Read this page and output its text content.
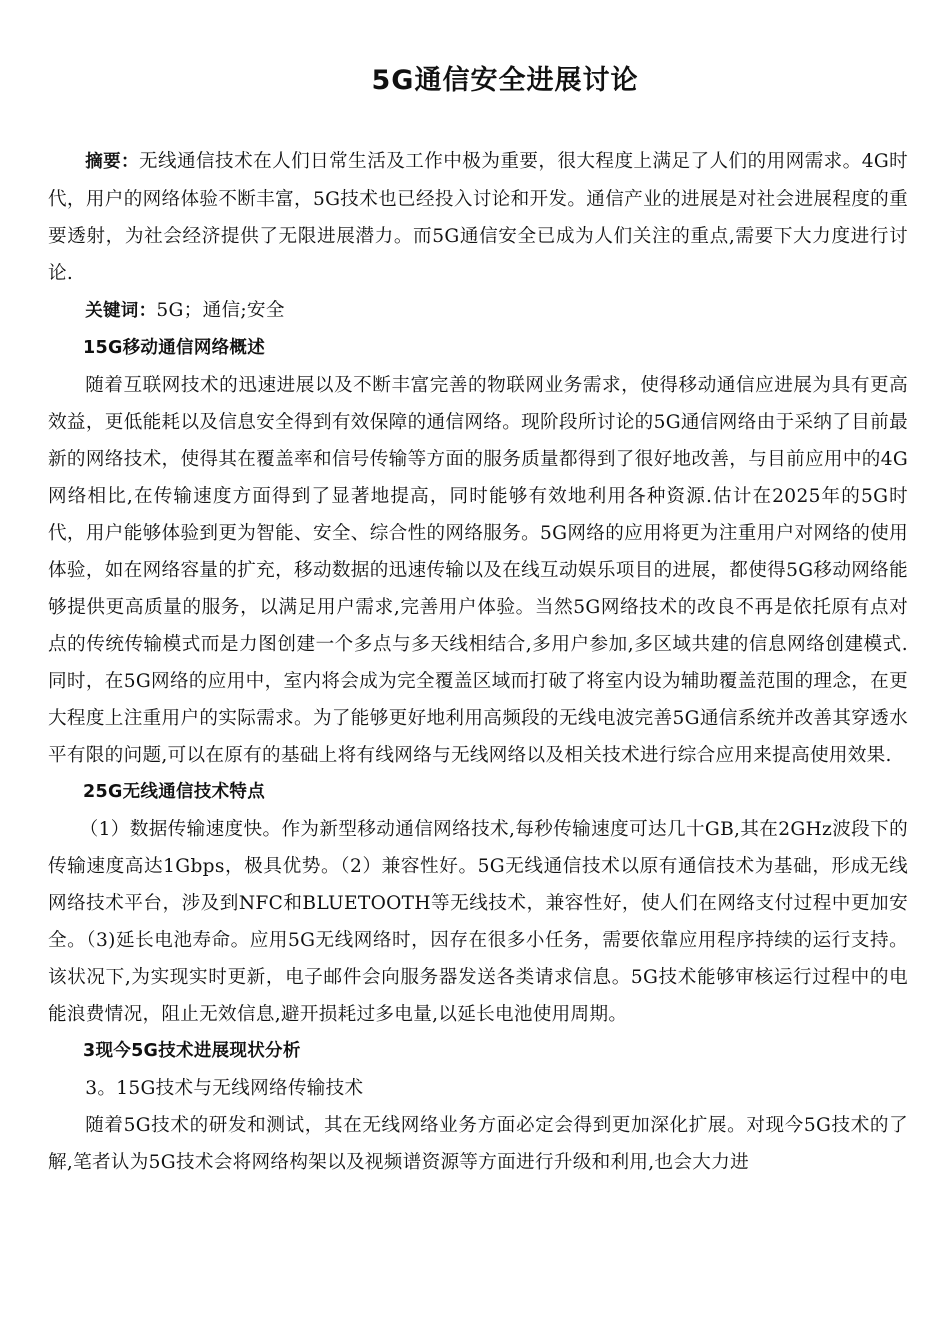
5G通信安全进展讨论

摘要：无线通信技术在人们日常生活及工作中极为重要，很大程度上满足了人们的用网需求。4G时代，用户的网络体验不断丰富，5G技术也已经投入讨论和开发。通信产业的进展是对社会进展程度的重要透射，为社会经济提供了无限进展潜力。而5G通信安全已成为人们关注的重点,需要下大力度进行讨论.

关键词：5G；通信;安全

15G移动通信网络概述

随着互联网技术的迅速进展以及不断丰富完善的物联网业务需求，使得移动通信应进展为具有更高效益，更低能耗以及信息安全得到有效保障的通信网络。现阶段所讨论的5G通信网络由于采纳了目前最新的网络技术，使得其在覆盖率和信号传输等方面的服务质量都得到了很好地改善，与目前应用中的4G网络相比,在传输速度方面得到了显著地提高，同时能够有效地利用各种资源.估计在2025年的5G时代，用户能够体验到更为智能、安全、综合性的网络服务。5G网络的应用将更为注重用户对网络的使用体验，如在网络容量的扩充，移动数据的迅速传输以及在线互动娱乐项目的进展，都使得5G移动网络能够提供更高质量的服务，以满足用户需求,完善用户体验。当然5G网络技术的改良不再是依托原有点对点的传统传输模式而是力图创建一个多点与多天线相结合,多用户参加,多区域共建的信息网络创建模式.同时，在5G网络的应用中，室内将会成为完全覆盖区域而打破了将室内设为辅助覆盖范围的理念，在更大程度上注重用户的实际需求。为了能够更好地利用高频段的无线电波完善5G通信系统并改善其穿透水平有限的问题,可以在原有的基础上将有线网络与无线网络以及相关技术进行综合应用来提高使用效果.

25G无线通信技术特点

（1）数据传输速度快。作为新型移动通信网络技术,每秒传输速度可达几十GB,其在2GHz波段下的传输速度高达1Gbps，极具优势。（2）兼容性好。5G无线通信技术以原有通信技术为基础，形成无线网络技术平台，涉及到NFC和BLUETOOTH等无线技术，兼容性好，使人们在网络支付过程中更加安全。（3)延长电池寿命。应用5G无线网络时，因存在很多小任务，需要依靠应用程序持续的运行支持。该状况下,为实现实时更新，电子邮件会向服务器发送各类请求信息。5G技术能够审核运行过程中的电能浪费情况，阻止无效信息,避开损耗过多电量,以延长电池使用周期。

3现今5G技术进展现状分析

3。15G技术与无线网络传输技术

随着5G技术的研发和测试，其在无线网络业务方面必定会得到更加深化扩展。对现今5G技术的了解,笔者认为5G技术会将网络构架以及视频谱资源等方面进行升级和利用,也会大力进
